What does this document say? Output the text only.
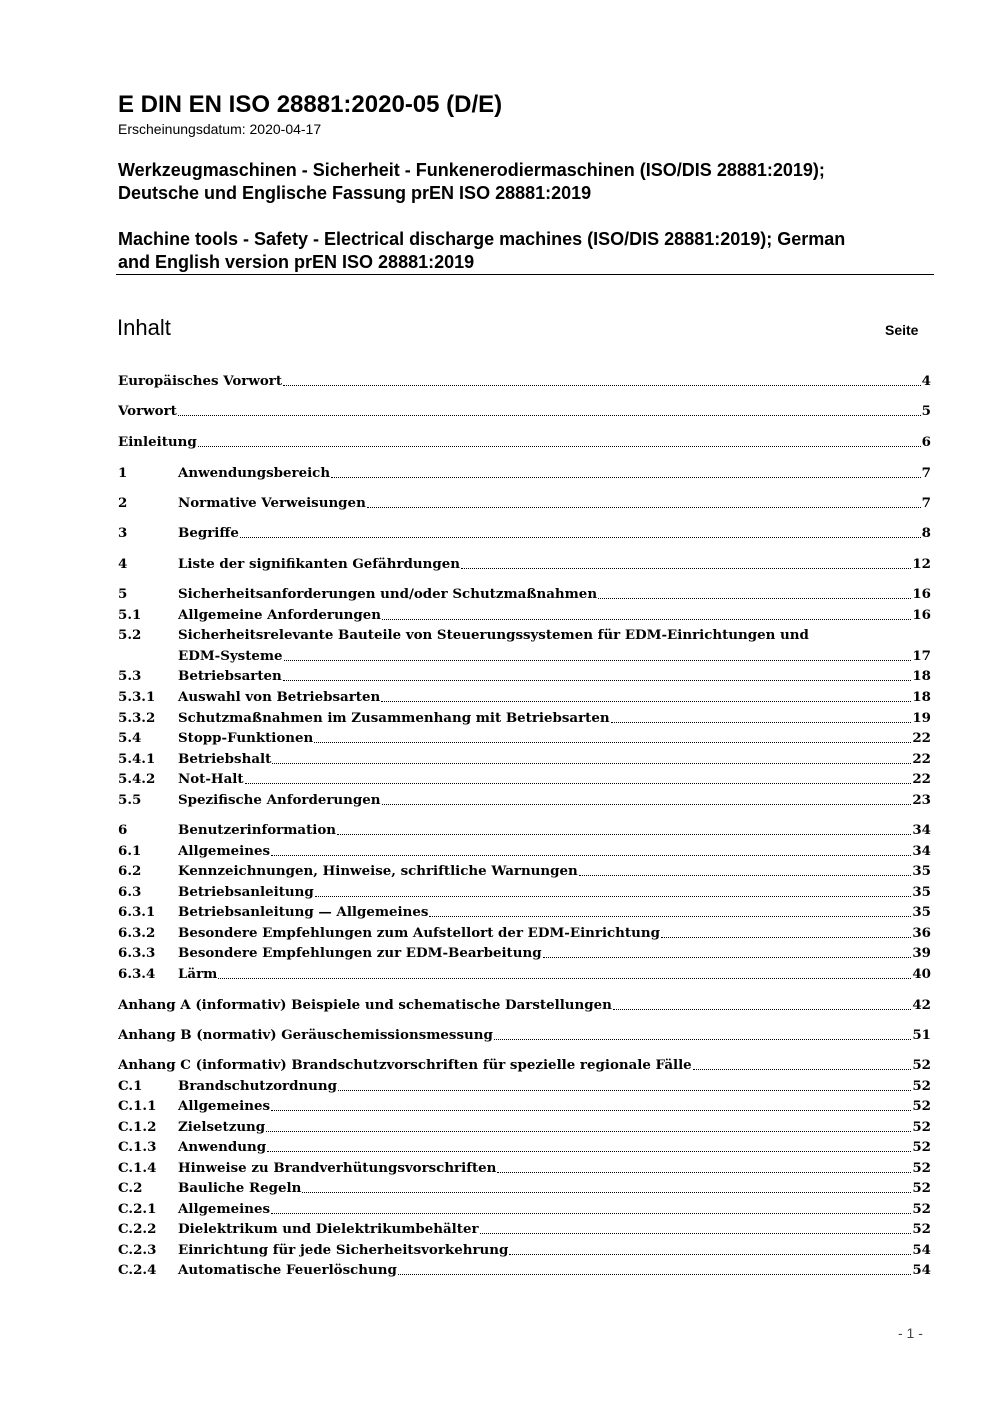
E DIN EN ISO 28881:2020-05 (D/E)
Erscheinungsdatum: 2020-04-17
Werkzeugmaschinen - Sicherheit - Funkenerodiermaschinen (ISO/DIS 28881:2019);
Deutsche und Englische Fassung prEN ISO 28881:2019
Machine tools - Safety - Electrical discharge machines (ISO/DIS 28881:2019); German
and English version prEN ISO 28881:2019
Inhalt	Seite
Europäisches Vorwort	4
Vorwort	5
Einleitung	6
1	Anwendungsbereich	7
2	Normative Verweisungen	7
3	Begriffe	8
4	Liste der signifikanten Gefährdungen	12
5	Sicherheitsanforderungen und/oder Schutzmaßnahmen	16
5.1	Allgemeine Anforderungen	16
5.2	Sicherheitsrelevante Bauteile von Steuerungssystemen für EDM-Einrichtungen und
EDM-Systeme	17
5.3	Betriebsarten	18
5.3.1	Auswahl von Betriebsarten	18
5.3.2	Schutzmaßnahmen im Zusammenhang mit Betriebsarten	19
5.4	Stopp-Funktionen	22
5.4.1	Betriebshalt	22
5.4.2	Not-Halt	22
5.5	Spezifische Anforderungen	23
6	Benutzerinformation	34
6.1	Allgemeines	34
6.2	Kennzeichnungen, Hinweise, schriftliche Warnungen	35
6.3	Betriebsanleitung	35
6.3.1	Betriebsanleitung — Allgemeines	35
6.3.2	Besondere Empfehlungen zum Aufstellort der EDM-Einrichtung	36
6.3.3	Besondere Empfehlungen zur EDM-Bearbeitung	39
6.3.4	Lärm	40
Anhang A (informativ) Beispiele und schematische Darstellungen	42
Anhang B (normativ) Geräuschemissionsmessung	51
Anhang C (informativ) Brandschutzvorschriften für spezielle regionale Fälle	52
C.1	Brandschutzordnung	52
C.1.1	Allgemeines	52
C.1.2	Zielsetzung	52
C.1.3	Anwendung	52
C.1.4	Hinweise zu Brandverhütungsvorschriften	52
C.2	Bauliche Regeln	52
C.2.1	Allgemeines	52
C.2.2	Dielektrikum und Dielektrikumbehälter	52
C.2.3	Einrichtung für jede Sicherheitsvorkehrung	54
C.2.4	Automatische Feuerlöschung	54
- 1 -
